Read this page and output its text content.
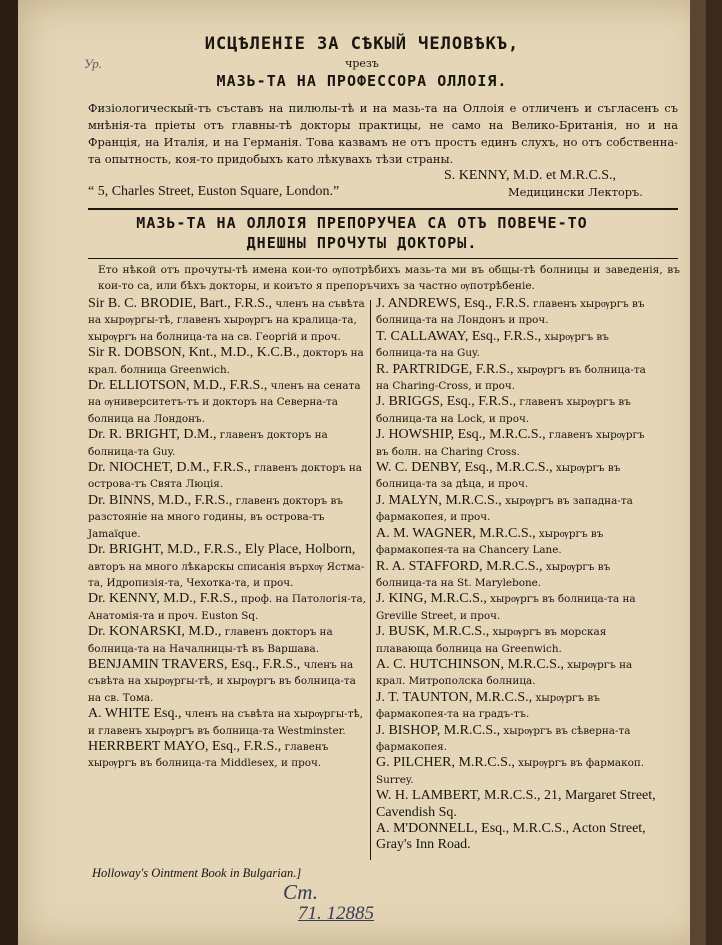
Ур.
ИСЦѢЛЕНІЕ ЗА СѢКЫЙ ЧЕЛОВѢКЪ,
чрезъ
МАЗЬ-ТА НА ПРОФЕССОРА ОЛЛОІЯ.
Физіологическый-тъ съставъ на пилюлы-тѣ и на мазь-та на Оллоія е отличенъ и съгласенъ съ мнѣнія-та пріеты отъ главны-тѣ докторы практицы, не само на Велико-Британія, но и на Франція, на Италія, и на Германія. Това казвамъ не отъ простъ единъ слухъ, но отъ собственна-та опытность, коя-то придобыхъ като лѣкувахъ тѣзи страны.
S. KENNY, M.D. et M.R.C.S.,
“ 5, Charles Street, Euston Square, London.”	Медицински Лекторъ.
МАЗЬ-ТА НА ОЛЛОІЯ ПРЕПОРУЧЕА СА ОТЪ ПОВЕЧЕ-ТО
ДНЕШНЫ ПРОЧУТЫ ДОКТОРЫ.
Ето нѣкой отъ прочуты-тѣ имена кои-то ѹпотрѣбихъ мазь-та ми въ общы-тѣ болницы и заведенія, въ кои-то са, или бѣхъ докторы, и коиъто я препоръчихъ за частно ѹпотрѣбеніе.

Sir B. C. BRODIE, Bart., F.R.S., членъ на съвѣта на хырѹргы-тѣ, главенъ хырѹргъ на кралица-та, хырѹргъ на болница-та на св. Георгій и проч.

Sir R. DOBSON, Knt., M.D., K.C.B., докторъ на крал. болница Greenwich.

Dr. ELLIOTSON, M.D., F.R.S., членъ на сената на ѹниверситетъ-тъ и докторъ на Северна-та болница на Лондонъ.

Dr. R. BRIGHT, D.M., главенъ докторъ на болница-та Guy.

Dr. NIOCHET, D.M., F.R.S., главенъ докторъ на острова-тъ Свята Люція.

Dr. BINNS, M.D., F.R.S., главенъ докторъ въ разстояніе на много годины, въ острова-тъ Jamaïque.

Dr. BRIGHT, M.D., F.R.S., Ely Place, Holborn, авторъ на много лѣкарскы списанія върхѹ Ястма-та, Идропизія-та, Чехотка-та, и проч.

Dr. KENNY, M.D., F.R.S., проф. на Патологія-та, Анатомія-та и проч. Euston Sq.

Dr. KONARSKI, M.D., главенъ докторъ на болница-та на Началницы-тѣ въ Варшава.

BENJAMIN TRAVERS, Esq., F.R.S., членъ на съвѣта на хырѹргы-тѣ, и хырѹргъ въ болница-та на св. Тома.

A. WHITE Esq., членъ на съвѣта на хырѹргы-тѣ, и главенъ хырѹргъ въ болница-та Westminster.

HERRBERT MAYO, Esq., F.R.S., главенъ хырѹргъ въ болница-та Middlesex, и проч.

J. ANDREWS, Esq., F.R.S. главенъ хырѹргъ въ болница-та на Лондонъ и проч.

T. CALLAWAY, Esq., F.R.S., хырѹргъ въ болница-та на Guy.

R. PARTRIDGE, F.R.S., хырѹргъ въ болница-та на Charing-Cross, и проч.

J. BRIGGS, Esq., F.R.S., главенъ хырѹргъ въ болница-та на Lock, и проч.

J. HOWSHIP, Esq., M.R.C.S., главенъ хырѹргъ въ болн. на Charing Cross.

W. C. DENBY, Esq., M.R.C.S., хырѹргъ въ болница-та за дѣца, и проч.

J. MALYN, M.R.C.S., хырѹргъ въ западна-та фармакопея, и проч.

A. M. WAGNER, M.R.C.S., хырѹргъ въ фармакопея-та на Chancery Lane.

R. A. STAFFORD, M.R.C.S., хырѹргъ въ болница-та на St. Marylebone.

J. KING, M.R.C.S., хырѹргъ въ болница-та на Greville Street, и проч.

J. BUSK, M.R.C.S., хырѹргъ въ морская плавающа болница на Greenwich.

A. C. HUTCHINSON, M.R.C.S., хырѹргъ на крал. Митрополска болница.

J. T. TAUNTON, M.R.C.S., хырѹргъ въ фармакопея-та на градъ-тъ.

J. BISHOP, M.R.C.S., хырѹргъ въ сѣверна-та фармакопея.

G. PILCHER, M.R.C.S., хырѹргъ въ фармакоп. Surrey.

W. H. LAMBERT, M.R.C.S., 21, Margaret Street, Cavendish Sq.

A. M'DONNELL, Esq., M.R.C.S., Acton Street, Gray's Inn Road.

Holloway's Ointment Book in Bulgarian.]
Ст.
71. 12885
